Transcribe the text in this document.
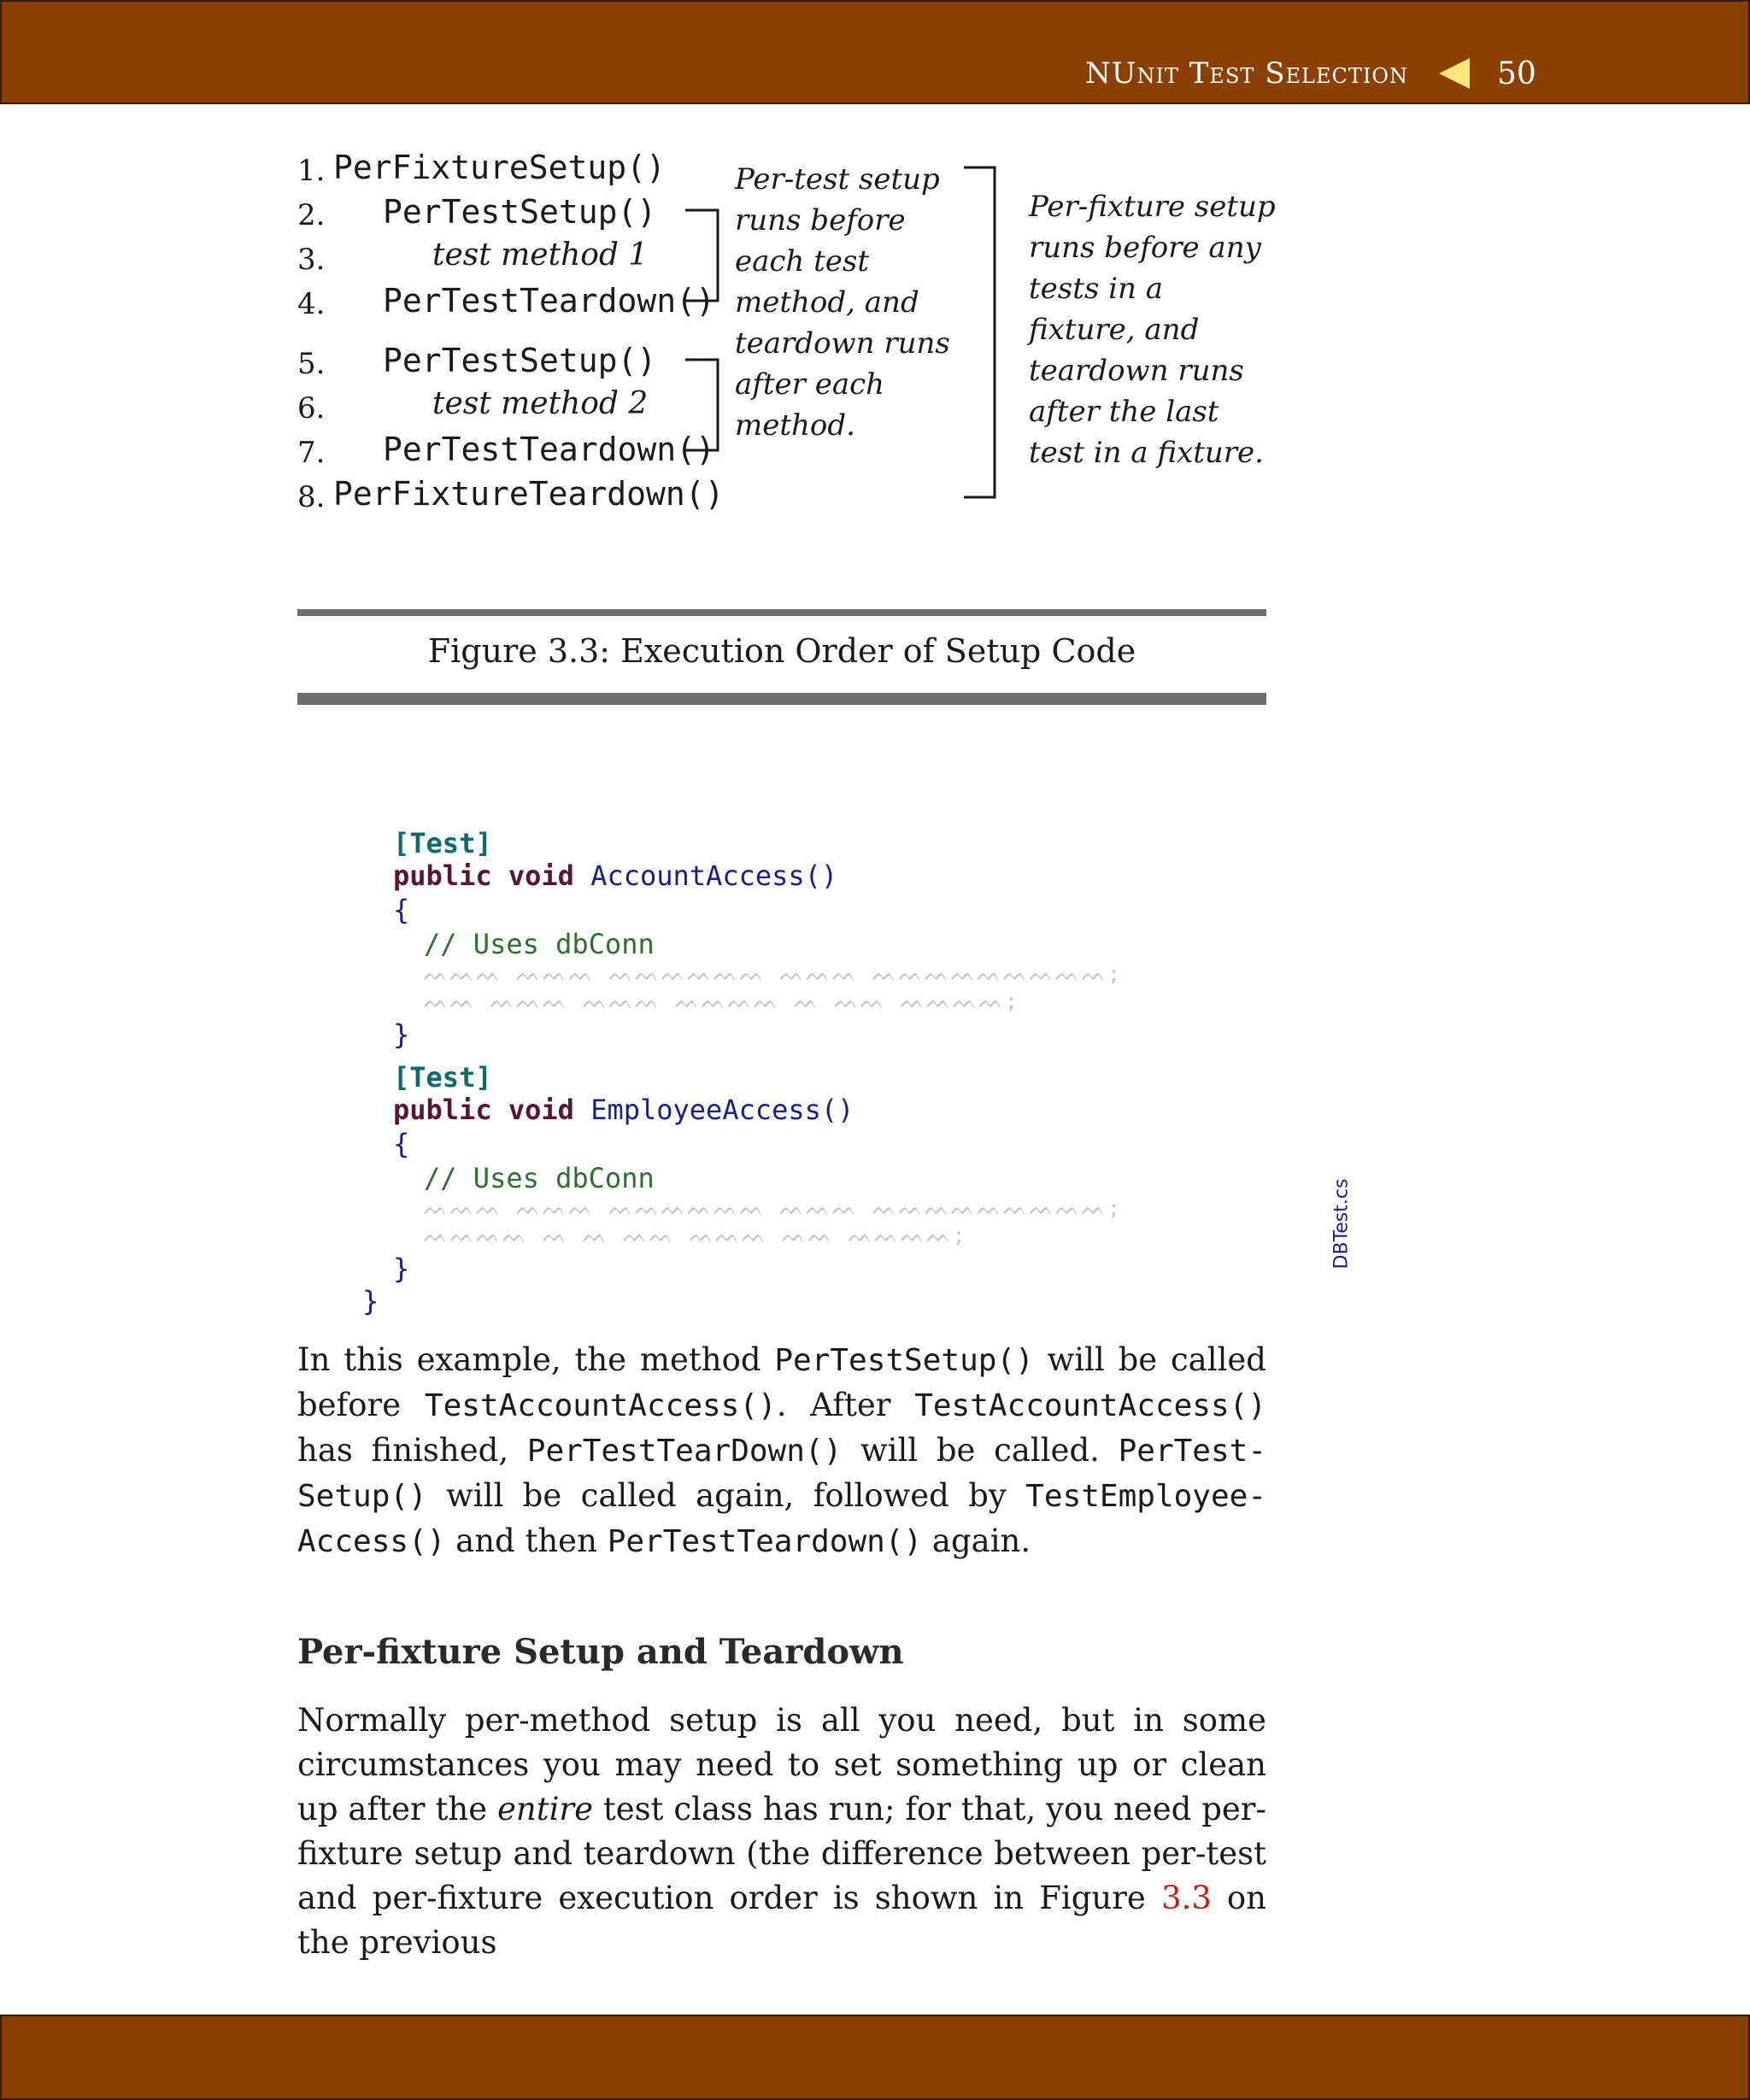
NUnit Test Selection	50
1. PerFixtureSetup()
2. PerTestSetup()
3.	test method 1
4. PerTestTeardown()
5. PerTestSetup()
6.	test method 2
7. PerTestTeardown()
8. PerFixtureTeardown()
Per-test setup
runs before
each test
method, and
teardown runs
after each
method.
Per-fixture setup
runs before any
tests in a
fixture, and
teardown runs
after the last
test in a fixture.
Figure 3.3: Execution Order of Setup Code
[Test]
public void AccountAccess()
{
// Uses dbConn
ᨓᨓᨓ ᨓᨓᨓ ᨓᨓᨓᨓᨓᨓ ᨓᨓᨓ ᨓᨓᨓᨓᨓᨓᨓᨓᨓ;
ᨓᨓ ᨓᨓᨓ ᨓᨓᨓ ᨓᨓᨓᨓ ᨓ ᨓᨓ ᨓᨓᨓᨓ;
}
[Test]
public void EmployeeAccess()
{
// Uses dbConn
ᨓᨓᨓ ᨓᨓᨓ ᨓᨓᨓᨓᨓᨓ ᨓᨓᨓ ᨓᨓᨓᨓᨓᨓᨓᨓᨓ;
ᨓᨓᨓᨓ ᨓ ᨓ ᨓᨓ ᨓᨓᨓ ᨓᨓ ᨓᨓᨓᨓ;
}
}
DBTest.cs
In this example, the method PerTestSetup() will be called before TestAccountAccess(). After TestAccountAccess() has finished, PerTestTearDown() will be called. PerTest-Setup() will be called again, followed by TestEmployee-Access() and then PerTestTeardown() again.
Per-fixture Setup and Teardown
Normally per-method setup is all you need, but in some circumstances you may need to set something up or clean up after the entire test class has run; for that, you need per-fixture setup and teardown (the difference between per-test and per-fixture execution order is shown in Figure 3.3 on the previous
